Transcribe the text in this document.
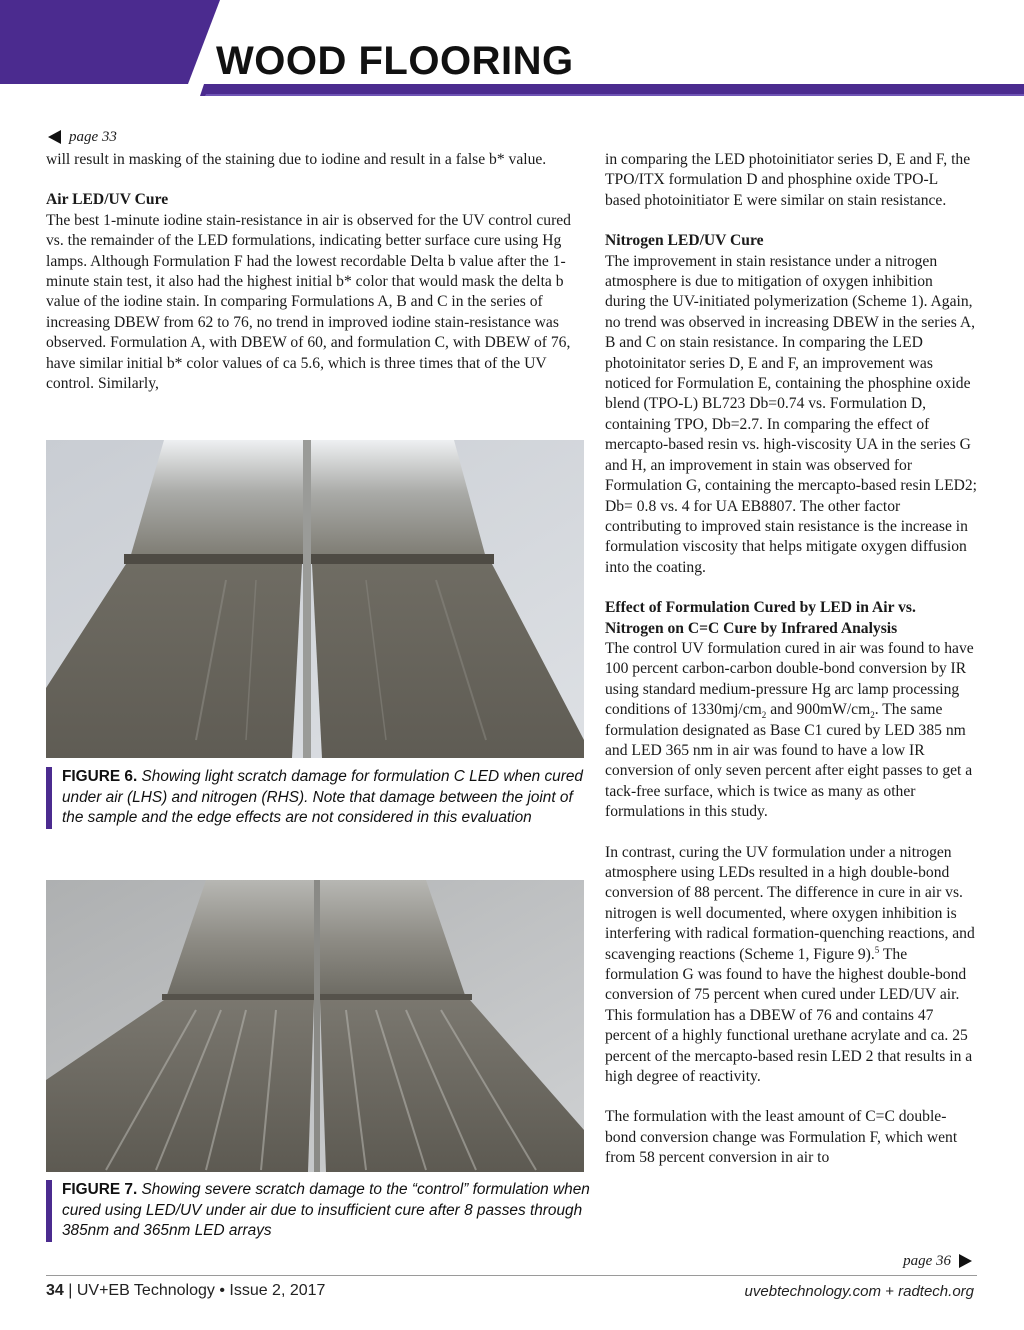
WOOD FLOORING
page 33

will result in masking of the staining due to iodine and result in a false b* value.

Air LED/UV Cure

The best 1-minute iodine stain-resistance in air is observed for the UV control cured vs. the remainder of the LED formulations, indicating better surface cure using Hg lamps. Although Formulation F had the lowest recordable Delta b value after the 1-minute stain test, it also had the highest initial b* color that would mask the delta b value of the iodine stain. In comparing Formulations A, B and C in the series of increasing DBEW from 62 to 76, no trend in improved iodine stain-resistance was observed. Formulation A, with DBEW of 60, and formulation C, with DBEW of 76, have similar initial b* color values of ca 5.6, which is three times that of the UV control. Similarly,

FIGURE 6. Showing light scratch damage for formulation C LED when cured under air (LHS) and nitrogen (RHS). Note that damage between the joint of the sample and the edge effects are not considered in this evaluation
FIGURE 7. Showing severe scratch damage to the “control” formulation when cured using LED/UV under air due to insufficient cure after 8 passes through 385nm and 365nm LED arrays

in comparing the LED photoinitiator series D, E and F, the TPO/ITX formulation D and phosphine oxide TPO-L based photoinitiator E were similar on stain resistance.

Nitrogen LED/UV Cure

The improvement in stain resistance under a nitrogen atmosphere is due to mitigation of oxygen inhibition during the UV-initiated polymerization (Scheme 1). Again, no trend was observed in increasing DBEW in the series A, B and C on stain resistance. In comparing the LED photoinitator series D, E and F, an improvement was noticed for Formulation E, containing the phosphine oxide blend (TPO-L) BL723 Db=0.74 vs. Formulation D, containing TPO, Db=2.7. In comparing the effect of mercapto-based resin vs. high-viscosity UA in the series G and H, an improvement in stain was observed for Formulation G, containing the mercapto-based resin LED2; Db= 0.8 vs. 4 for UA EB8807. The other factor contributing to improved stain resistance is the increase in formulation viscosity that helps mitigate oxygen diffusion into the coating.

Effect of Formulation Cured by LED in Air vs. Nitrogen on C=C Cure by Infrared Analysis

The control UV formulation cured in air was found to have 100 percent carbon-carbon double-bond conversion by IR using standard medium-pressure Hg arc lamp processing conditions of $1330mj/cm_2$ and $900mW/cm_2$. The same formulation designated as Base C1 cured by LED 385 nm and LED 365 nm in air was found to have a low IR conversion of only seven percent after eight passes to get a tack-free surface, which is twice as many as other formulations in this study.

In contrast, curing the UV formulation under a nitrogen atmosphere using LEDs resulted in a high double-bond conversion of 88 percent. The difference in cure in air vs. nitrogen is well documented, where oxygen inhibition is interfering with radical formation-quenching reactions, and scavenging reactions (Scheme 1, Figure 9).$^5$ The formulation G was found to have the highest double-bond conversion of 75 percent when cured under LED/UV air. This formulation has a DBEW of 76 and contains 47 percent of a highly functional urethane acrylate and ca. 25 percent of the mercapto-based resin LED 2 that results in a high degree of reactivity.

The formulation with the least amount of C=C double-bond conversion change was Formulation F, which went from 58 percent conversion in air to

page 36
34 | UV+EB Technology • Issue 2, 2017	uvebtechnology.com + radtech.org
